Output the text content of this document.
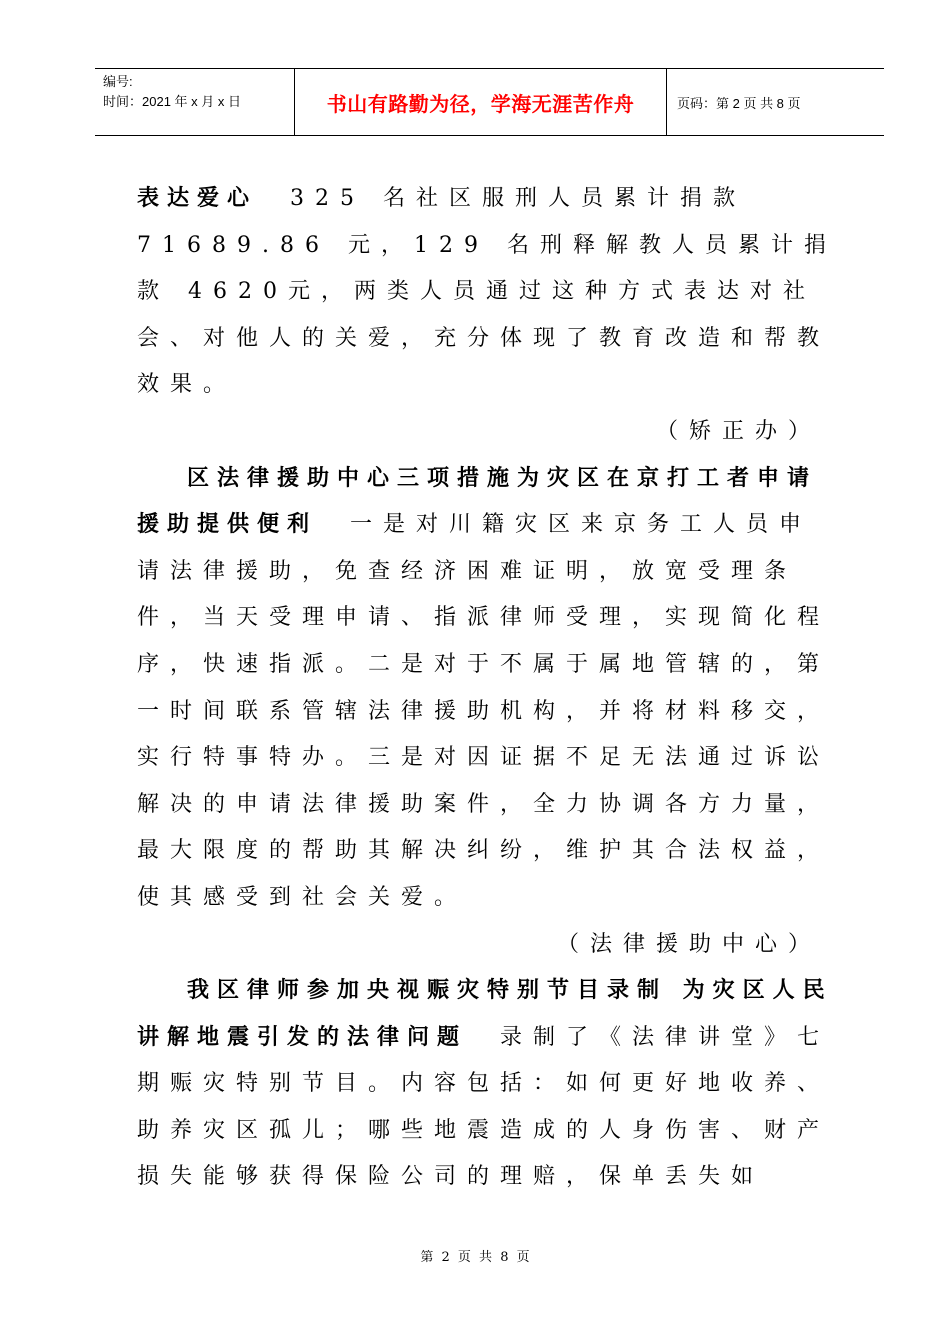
编号:
时间：2021 年 x 月 x 日	书山有路勤为径，学海无涯苦作舟	页码：第 2 页 共 8 页

表达爱心　 325 名社区服刑人员累计捐款 71689.86 元，129 名刑释解教人员累计捐款 4620元，两类人员通过这种方式表达对社会、对他人的关爱，充分体现了教育改造和帮教效果。

（矫正办）

区法律援助中心三项措施为灾区在京打工者申请援助提供便利　 一是对川籍灾区来京务工人员申请法律援助，免查经济困难证明，放宽受理条件，当天受理申请、指派律师受理，实现简化程序，快速指派。二是对于不属于属地管辖的，第一时间联系管辖法律援助机构，并将材料移交，实行特事特办。三是对因证据不足无法通过诉讼解决的申请法律援助案件，全力协调各方力量，最大限度的帮助其解决纠纷，维护其合法权益，使其感受到社会关爱。

（法律援助中心）

我区律师参加央视赈灾特别节目录制 为灾区人民讲解地震引发的法律问题　 录制了《法律讲堂》七期赈灾特别节目。内容包括：如何更好地收养、助养灾区孤儿；哪些地震造成的人身伤害、财产损失能够获得保险公司的理赔，保单丢失如

第 2 页 共 8 页
